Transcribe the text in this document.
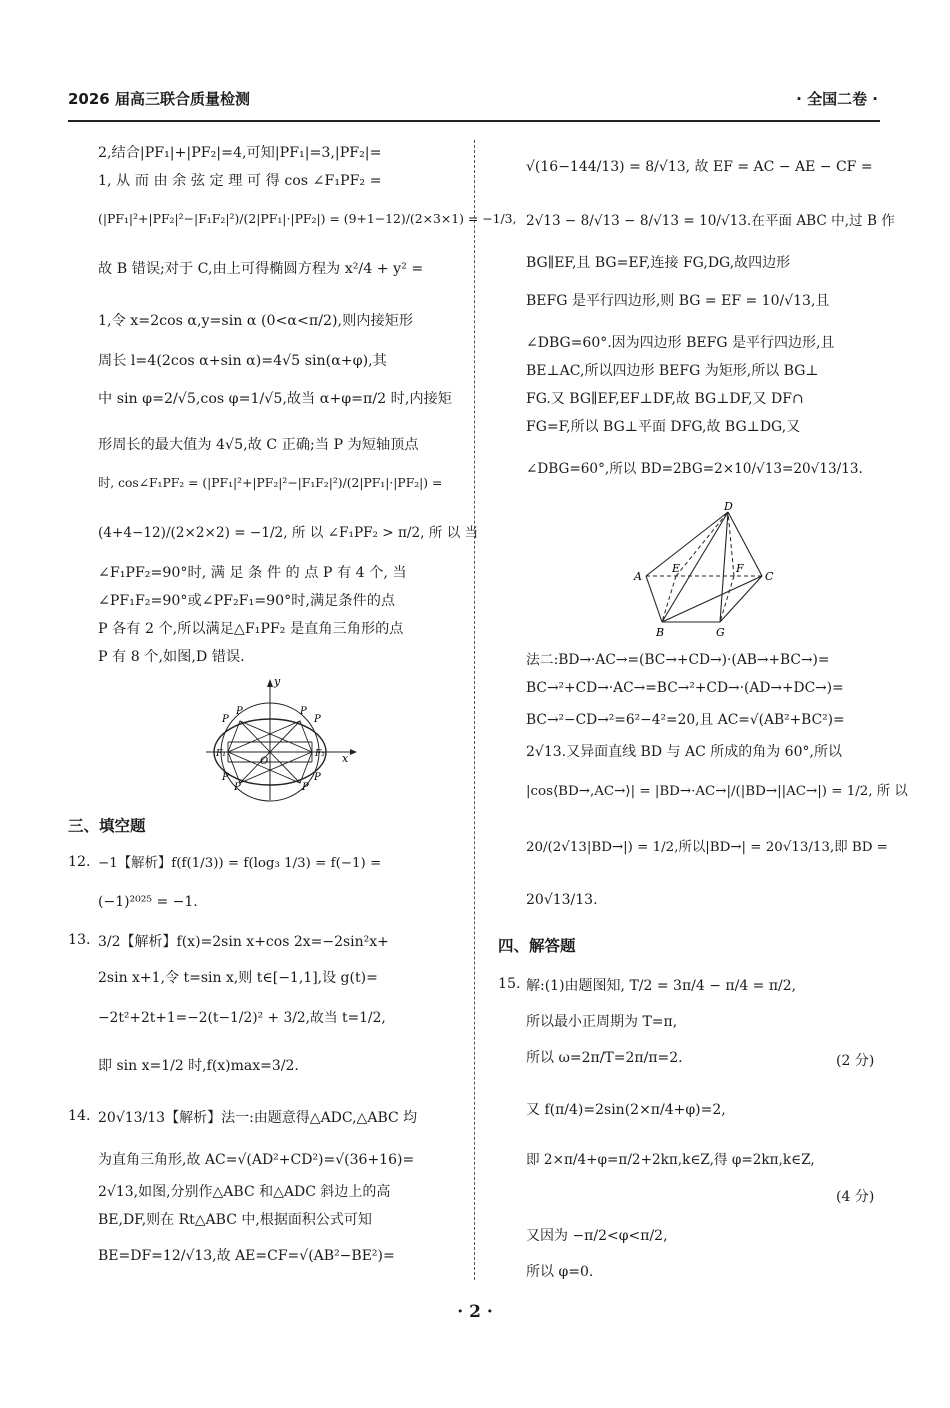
2026 届高三联合质量检测	· 全国二卷 ·
2,结合|PF₁|+|PF₂|=4,可知|PF₁|=3,|PF₂|=
1, 从 而 由 余 弦 定 理 可 得 cos ∠F₁PF₂ =
(|PF₁|²+|PF₂|²−|F₁F₂|²)/(2|PF₁|·|PF₂|) = (9+1−12)/(2×3×1) = −1/3,
故 B 错误;对于 C,由上可得椭圆方程为 x²/4 + y² =
1,令 x=2cos α,y=sin α (0<α<π/2),则内接矩形
周长 l=4(2cos α+sin α)=4√5 sin(α+φ),其
中 sin φ=2/√5,cos φ=1/√5,故当 α+φ=π/2 时,内接矩
形周长的最大值为 4√5,故 C 正确;当 P 为短轴顶点
时, cos∠F₁PF₂ = (|PF₁|²+|PF₂|²−|F₁F₂|²)/(2|PF₁|·|PF₂|) =
(4+4−12)/(2×2×2) = −1/2, 所 以 ∠F₁PF₂ > π/2, 所 以 当
∠F₁PF₂=90°时, 满 足 条 件 的 点 P 有 4 个, 当
∠PF₁F₂=90°或∠PF₂F₁=90°时,满足条件的点
P 各有 2 个,所以满足△F₁PF₂ 是直角三角形的点
P 有 8 个,如图,D 错误.
y
x
O
F₁	F₂
P
P
P
P
P
P
P
P
三、填空题
12. −1【解析】f(f(1/3)) = f(log₃ 1/3) = f(−1) =
(−1)²⁰²⁵ = −1.
13. 3/2【解析】f(x)=2sin x+cos 2x=−2sin²x+
2sin x+1,令 t=sin x,则 t∈[−1,1],设 g(t)=
−2t²+2t+1=−2(t−1/2)² + 3/2,故当 t=1/2,
即 sin x=1/2 时,f(x)max=3/2.
14. 20√13/13【解析】法一:由题意得△ADC,△ABC 均
为直角三角形,故 AC=√(AD²+CD²)=√(36+16)=
2√13,如图,分别作△ABC 和△ADC 斜边上的高
BE,DF,则在 Rt△ABC 中,根据面积公式可知
BE=DF=12/√13,故 AE=CF=√(AB²−BE²)=
√(16−144/13) = 8/√13, 故 EF = AC − AE − CF =
2√13 − 8/√13 − 8/√13 = 10/√13.在平面 ABC 中,过 B 作
BG∥EF,且 BG=EF,连接 FG,DG,故四边形
BEFG 是平行四边形,则 BG = EF = 10/√13,且
∠DBG=60°.因为四边形 BEFG 是平行四边形,且
BE⊥AC,所以四边形 BEFG 为矩形,所以 BG⊥
FG.又 BG∥EF,EF⊥DF,故 BG⊥DF,又 DF∩
FG=F,所以 BG⊥平面 DFG,故 BG⊥DG,又
∠DBG=60°,所以 BD=2BG=2×10/√13=20√13/13.
D
A
E	F
C
B	G
法二:BD→·AC→=(BC→+CD→)·(AB→+BC→)=
BC→²+CD→·AC→=BC→²+CD→·(AD→+DC→)=
BC→²−CD→²=6²−4²=20,且 AC=√(AB²+BC²)=
2√13.又异面直线 BD 与 AC 所成的角为 60°,所以
|cos⟨BD→,AC→⟩| = |BD→·AC→|/(|BD→||AC→|) = 1/2, 所 以
20/(2√13|BD→|) = 1/2,所以|BD→| = 20√13/13,即 BD =
20√13/13.
四、解答题
15. 解:(1)由题图知, T/2 = 3π/4 − π/4 = π/2,
所以最小正周期为 T=π,
所以 ω=2π/T=2π/π=2.	(2 分)
又 f(π/4)=2sin(2×π/4+φ)=2,
即 2×π/4+φ=π/2+2kπ,k∈Z,得 φ=2kπ,k∈Z,
(4 分)
又因为 −π/2<φ<π/2,
所以 φ=0.
· 2 ·
